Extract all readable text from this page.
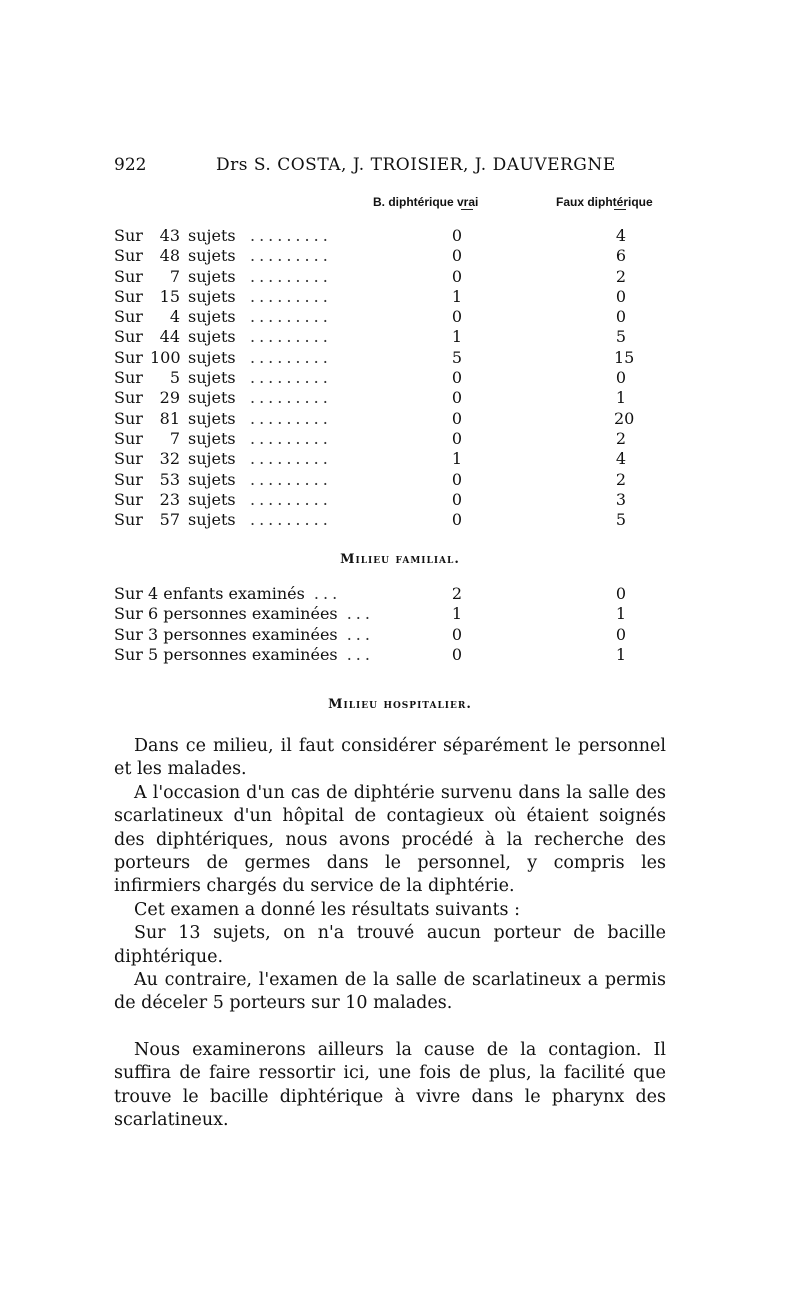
922	Drs S. COSTA, J. TROISIER, J. DAUVERGNE
B. diphtérique vrai	Faux diphtérique
Sur 43 sujets .........	0	4
Sur 48 sujets .........	0	6
Sur 7 sujets .........	0	2
Sur 15 sujets .........	1	0
Sur 4 sujets .........	0	0
Sur 44 sujets .........	1	5
Sur 100 sujets .........	5	15
Sur 5 sujets .........	0	0
Sur 29 sujets .........	0	1
Sur 81 sujets .........	0	20
Sur 7 sujets .........	0	2
Sur 32 sujets .........	1	4
Sur 53 sujets .........	0	2
Sur 23 sujets .........	0	3
Sur 57 sujets .........	0	5
Milieu familial.
Sur 4 enfants examinés ...	2	0
Sur 6 personnes examinées ...	1	1
Sur 3 personnes examinées ...	0	0
Sur 5 personnes examinées ...	0	1
Milieu hospitalier.

Dans ce milieu, il faut considérer séparément le personnel et les malades.

A l'occasion d'un cas de diphtérie survenu dans la salle des scarlatineux d'un hôpital de contagieux où étaient soignés des diphtériques, nous avons procédé à la recherche des porteurs de germes dans le personnel, y compris les infirmiers chargés du service de la diphtérie.

Cet examen a donné les résultats suivants :

Sur 13 sujets, on n'a trouvé aucun porteur de bacille diphtérique.

Au contraire, l'examen de la salle de scarlatineux a permis de déceler 5 porteurs sur 10 malades.

Nous examinerons ailleurs la cause de la contagion. Il suffira de faire ressortir ici, une fois de plus, la facilité que trouve le bacille diphtérique à vivre dans le pharynx des scarlatineux.
